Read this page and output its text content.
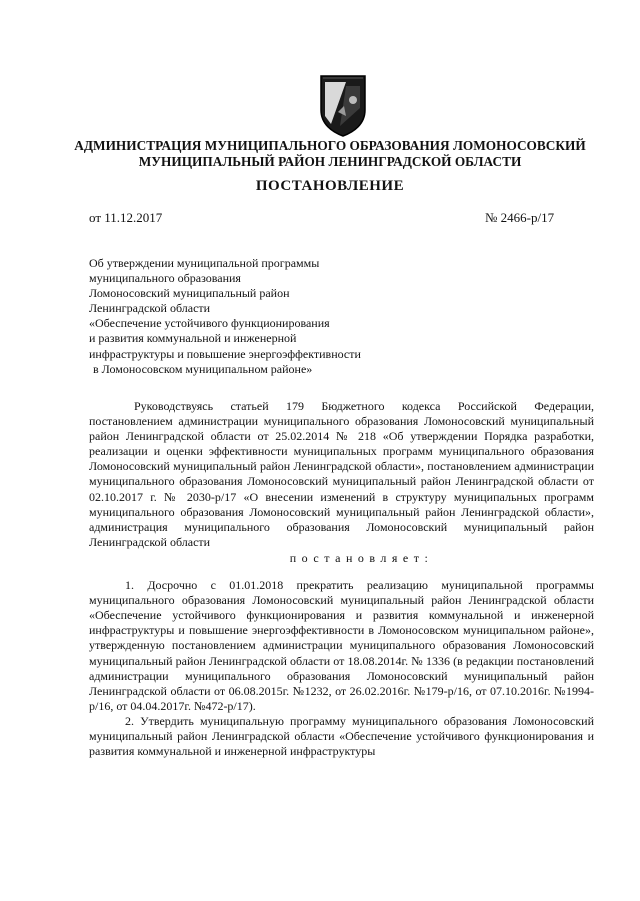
АДМИНИСТРАЦИЯ МУНИЦИПАЛЬНОГО ОБРАЗОВАНИЯ ЛОМОНОСОВСКИЙ
МУНИЦИПАЛЬНЫЙ РАЙОН ЛЕНИНГРАДСКОЙ ОБЛАСТИ
ПОСТАНОВЛЕНИЕ
от 11.12.2017	№ 2466-р/17
Об утверждении муниципальной программы
муниципального образования
Ломоносовский муниципальный район
Ленинградской области
«Обеспечение устойчивого функционирования
и развития коммунальной и инженерной
инфраструктуры и повышение энергоэффективности
в Ломоносовском муниципальном районе»

Руководствуясь статьей 179 Бюджетного кодекса Российской Федерации, постановлением администрации муниципального образования Ломоносовский муниципальный район Ленинградской области от 25.02.2014 № 218 «Об утверждении Порядка разработки, реализации и оценки эффективности муниципальных программ муниципального образования Ломоносовский муниципальный район Ленинградской области», постановлением администрации муниципального образования Ломоносовский муниципальный район Ленинградской области от 02.10.2017 г. № 2030-р/17 «О внесении изменений в структуру муниципальных программ муниципального образования Ломоносовский муниципальный район Ленинградской области», администрация муниципального образования Ломоносовский муниципальный район Ленинградской области

постановляет:

1. Досрочно с 01.01.2018 прекратить реализацию муниципальной программы муниципального образования Ломоносовский муниципальный район Ленинградской области «Обеспечение устойчивого функционирования и развития коммунальной и инженерной инфраструктуры и повышение энергоэффективности в Ломоносовском муниципальном районе», утвержденную постановлением администрации муниципального образования Ломоносовский муниципальный район Ленинградской области от 18.08.2014г. № 1336 (в редакции постановлений администрации муниципального образования Ломоносовский муниципальный район Ленинградской области от 06.08.2015г. №1232, от 26.02.2016г. №179-р/16, от 07.10.2016г. №1994-р/16, от 04.04.2017г. №472-р/17).

2. Утвердить муниципальную программу муниципального образования Ломоносовский муниципальный район Ленинградской области «Обеспечение устойчивого функционирования и развития коммунальной и инженерной инфраструктуры
